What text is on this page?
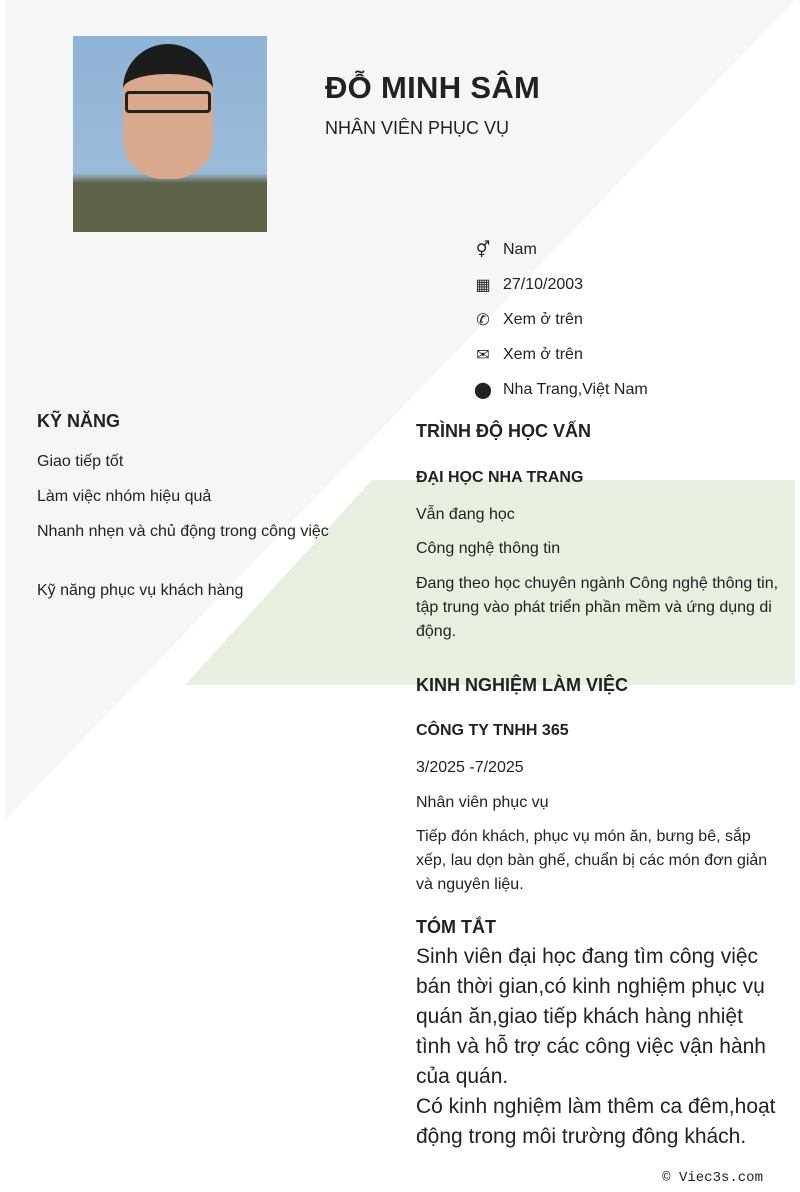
ĐỖ MINH SÂM
NHÂN VIÊN PHỤC VỤ
⚥ Nam
▦ 27/10/2003
✆ Xem ở trên
✉ Xem ở trên
⬤ Nha Trang,Việt Nam
KỸ NĂNG
Giao tiếp tốt
Làm việc nhóm hiệu quả
Nhanh nhẹn và chủ động trong công việc
Kỹ năng phục vụ khách hàng
TRÌNH ĐỘ HỌC VẤN
ĐẠI HỌC NHA TRANG
Vẫn đang học
Công nghệ thông tin
Đang theo học chuyên ngành Công nghệ thông tin, tập trung vào phát triển phần mềm và ứng dụng di động.
KINH NGHIỆM LÀM VIỆC
CÔNG TY TNHH 365
3/2025 -7/2025
Nhân viên phục vụ
Tiếp đón khách, phục vụ món ăn, bưng bê, sắp xếp, lau dọn bàn ghế, chuẩn bị các món đơn giản và nguyên liệu.
TÓM TẮT
Sinh viên đại học đang tìm công việc bán thời gian,có kinh nghiệm phục vụ quán ăn,giao tiếp khách hàng nhiệt tình và hỗ trợ các công việc vận hành của quán.
Có kinh nghiệm làm thêm ca đêm,hoạt động trong môi trường đông khách.
© Viec3s.com
